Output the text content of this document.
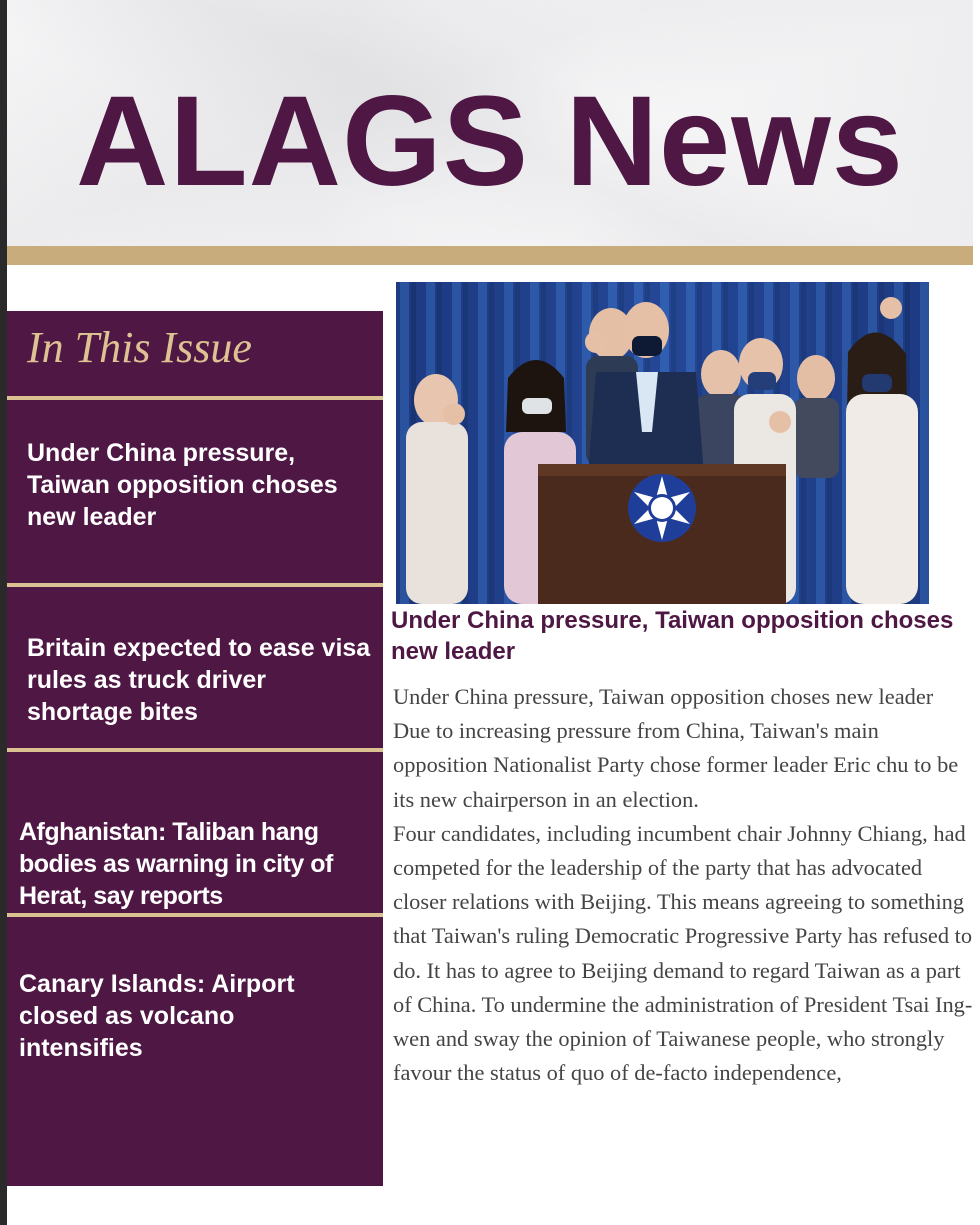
ALAGS News
In This Issue

Under China pressure, Taiwan opposition choses new leader

Britain expected to ease visa rules as truck driver shortage bites

Afghanistan: Taliban hang bodies as warning in city of Herat, say reports

Canary Islands: Airport closed as volcano intensifies

Under China pressure, Taiwan opposition choses new leader

Under China pressure, Taiwan opposition choses new leader

Due to increasing pressure from China, Taiwan's main opposition Nationalist Party chose former leader Eric chu to be its new chairperson in an election.

Four candidates, including incumbent chair Johnny Chiang, had competed for the leadership of the party that has advocated closer relations with Beijing. This means agreeing to something that Taiwan's ruling Democratic Progressive Party has refused to do. It has to agree to Beijing demand to regard Taiwan as a part of China. To undermine the administration of President Tsai Ing-wen and sway the opinion of Taiwanese people, who strongly favour the status of quo of de-facto independence,
